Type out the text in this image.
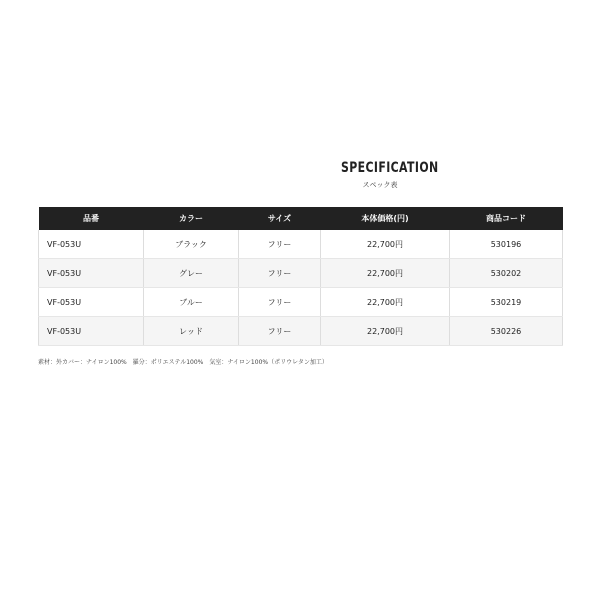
SPECIFICATION
スペック表
品番	カラー	サイズ	本体価格(円)	商品コード
VF-053U	ブラック	フリー	22,700円	530196
VF-053U	グレー	フリー	22,700円	530202
VF-053U	ブルー	フリー	22,700円	530219
VF-053U	レッド	フリー	22,700円	530226
素材：外カバー：ナイロン100%　羅分：ポリエステル100%　気室：ナイロン100%（ポリウレタン加工）
